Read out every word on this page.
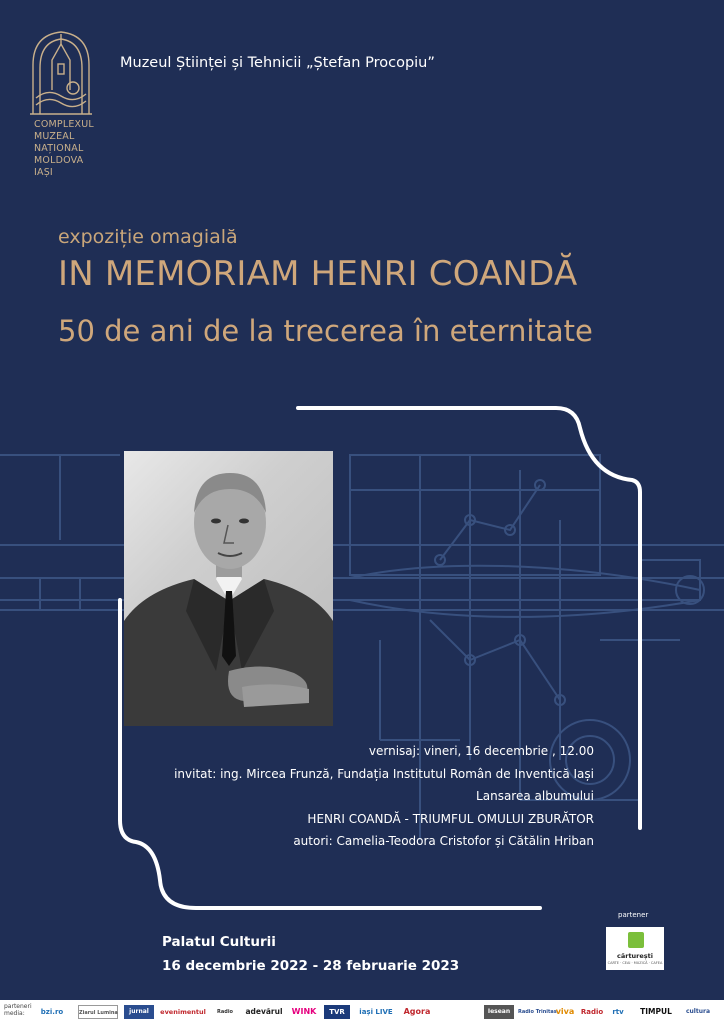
COMPLEXUL
MUZEAL
NAȚIONAL
MOLDOVA
IAȘI
Muzeul Științei și Tehnicii „Ștefan Procopiu”
expoziție omagială
IN MEMORIAM HENRI COANDĂ
50 de ani de la trecerea în eternitate
vernisaj: vineri, 16 decembrie , 12.00
invitat: ing. Mircea Frunză, Fundația Institutul Român de Inventică Iași
Lansarea albumului
HENRI COANDĂ - TRIUMFUL OMULUI ZBURĂTOR
autori: Camelia-Teodora Cristofor și Cătălin Hriban
Palatul Culturii
16 decembrie 2022 - 28 februarie 2023
partener
cărturești
CARTE · CEAI · MUZICĂ · CAFEA
parteneri media:	bzi.ro	Ziarul Lumina	jurnal	evenimentul	Radio	adevărul WINK	TVR	iași LIVE	Agora	Iesean	Radio Trinitas
viva Radio	rtv	TIMPUL	cultura
